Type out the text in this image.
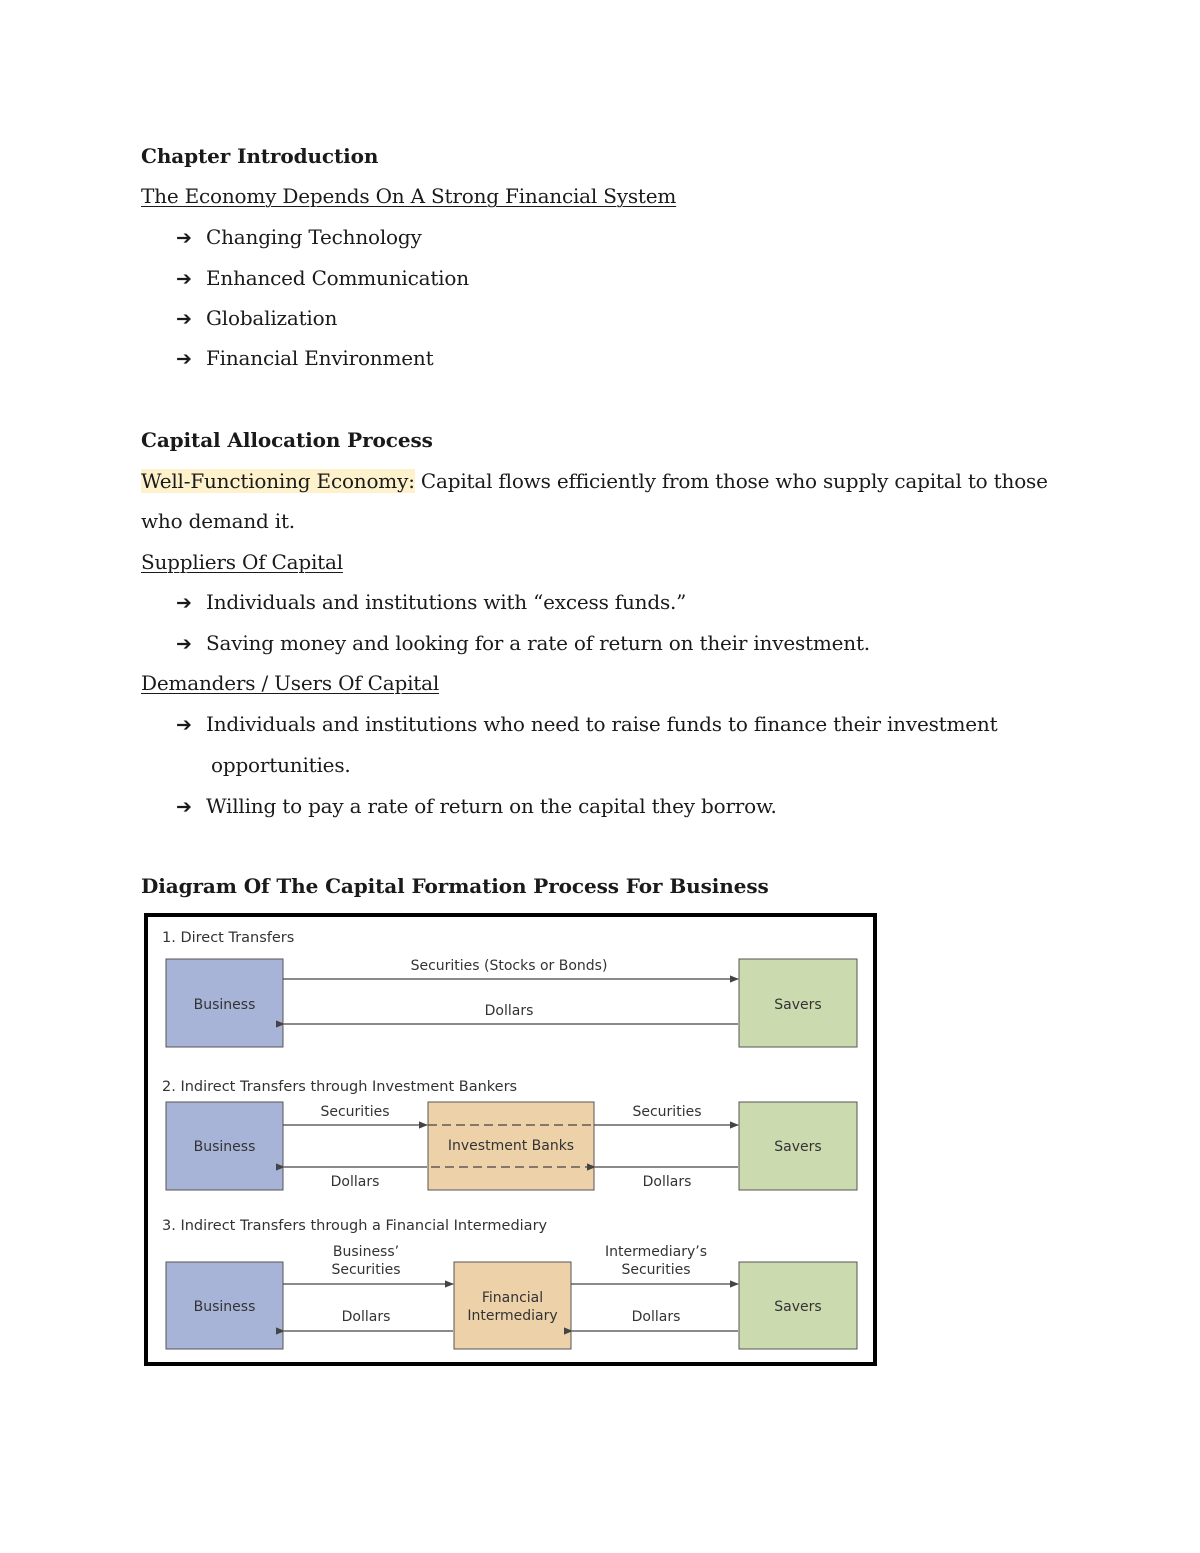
Chapter Introduction
The Economy Depends On A Strong Financial System
➔ Changing Technology
➔ Enhanced Communication
➔ Globalization
➔ Financial Environment
Capital Allocation Process
Well-Functioning Economy: Capital flows efficiently from those who supply capital to those
who demand it.
Suppliers Of Capital
➔ Individuals and institutions with “excess funds.”
➔ Saving money and looking for a rate of return on their investment.
Demanders / Users Of Capital
➔ Individuals and institutions who need to raise funds to finance their investment
opportunities.
➔ Willing to pay a rate of return on the capital they borrow.
Diagram Of The Capital Formation Process For Business
1. Direct Transfers
Business	Savers
Securities (Stocks or Bonds)
Dollars
2. Indirect Transfers through Investment Bankers
Business	Investment Banks	Savers
Securities	Securities
Dollars	Dollars
3. Indirect Transfers through a Financial Intermediary
Business
Financial
Intermediary
Savers
Business’
Securities
Intermediary’s
Securities
Dollars	Dollars
